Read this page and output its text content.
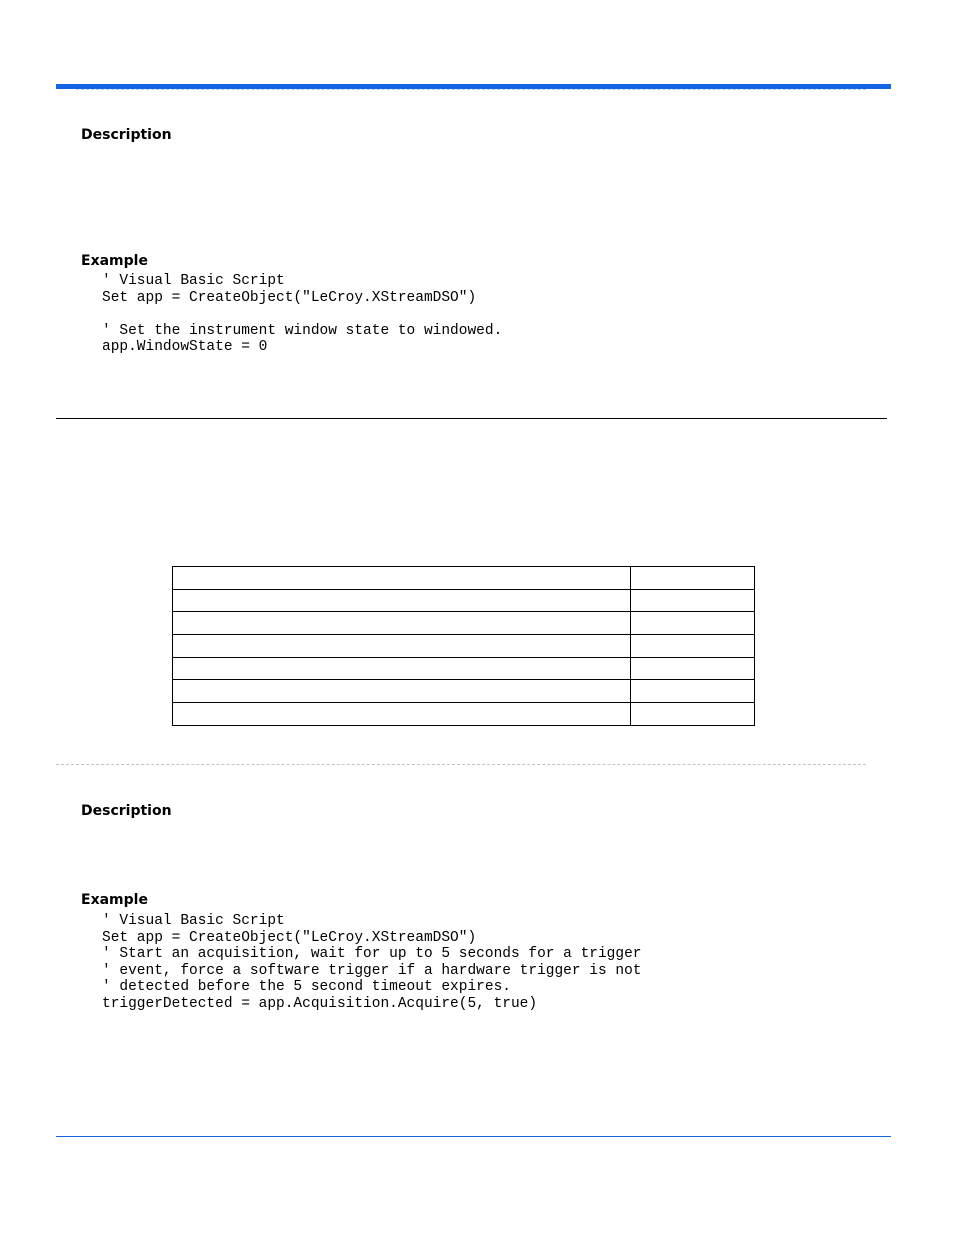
Description
Example
' Visual Basic Script
Set app = CreateObject("LeCroy.XStreamDSO")

' Set the instrument window state to windowed.
app.WindowState = 0

Description
Example
' Visual Basic Script
Set app = CreateObject("LeCroy.XStreamDSO")
' Start an acquisition, wait for up to 5 seconds for a trigger
' event, force a software trigger if a hardware trigger is not
' detected before the 5 second timeout expires.
triggerDetected = app.Acquisition.Acquire(5, true)
